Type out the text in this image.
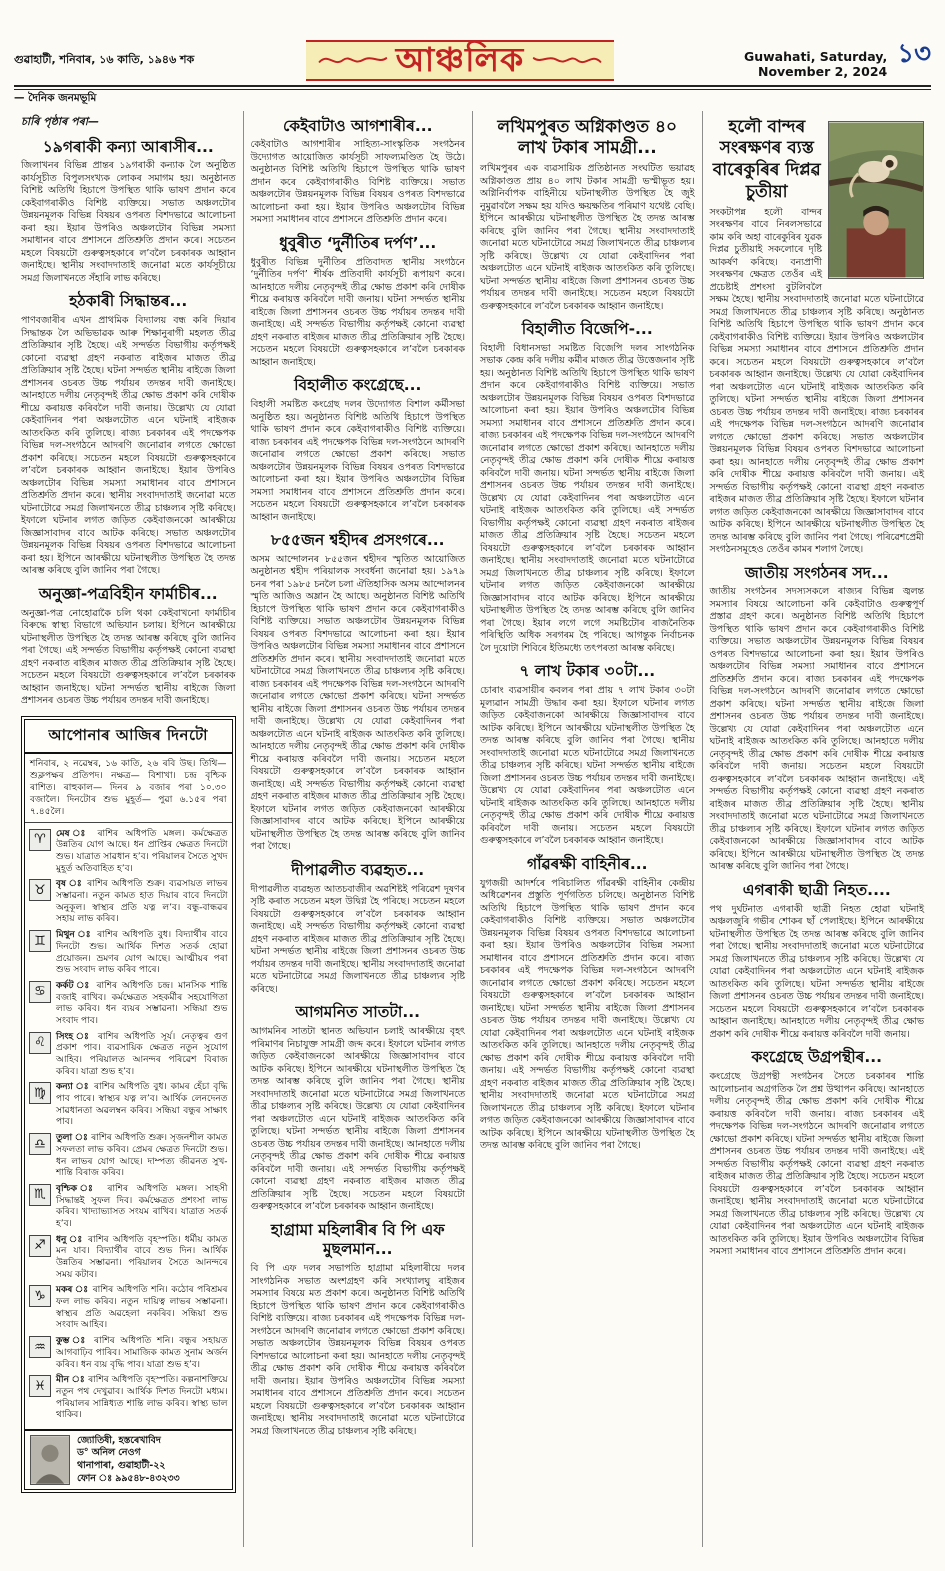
গুৱাহাটী, শনিবাৰ, ১৬ কাতি, ১৯৪৬ শক	আঞ্চলিক	Guwahati, Saturday, November 2, 2024
১৩
— দৈনিক জনমভূমি
চাৰি পৃষ্ঠাৰ পৰা—
১৯গৰাকী কন্যা আৰাসীৰ...

জিলাখনৰ বিভিন্ন প্ৰান্তৰ ১৯গৰাকী কন্যাক লৈ অনুষ্ঠিত কাৰ্যসূচীত বিপুলসংখ্যক লোকৰ সমাগম হয়। অনুষ্ঠানত বিশিষ্ট অতিথি হিচাপে উপস্থিত থাকি ভাষণ প্ৰদান কৰে কেইবাগৰাকীও বিশিষ্ট ব্যক্তিয়ে। সভাত অঞ্চলটোৰ উন্নয়নমূলক বিভিন্ন বিষয়ৰ ওপৰত বিশদভাৱে আলোচনা কৰা হয়। ইয়াৰ উপৰিও অঞ্চলটোৰ বিভিন্ন সমস্যা সমাধানৰ বাবে প্ৰশাসনে প্ৰতিশ্ৰুতি প্ৰদান কৰে। সচেতন মহলে বিষয়টো গুৰুত্বসহকাৰে ল’বলৈ চৰকাৰক আহ্বান জনাইছে। স্থানীয় সংবাদদাতাই জনোৱা মতে কাৰ্যসূচীয়ে সমগ্ৰ জিলাখনতে সঁহাৰি লাভ কৰিছে।

হঠকাৰী সিদ্ধান্তৰ...

পাণবজাৰীৰ এখন প্ৰাথমিক বিদ্যালয় বন্ধ কৰি দিয়াৰ সিদ্ধান্তক লৈ অভিভাৱক আৰু শিক্ষানুৰাগী মহলত তীব্ৰ প্ৰতিক্ৰিয়াৰ সৃষ্টি হৈছে। এই সন্দৰ্ভত বিভাগীয় কৰ্তৃপক্ষই কোনো ব্যৱস্থা গ্ৰহণ নকৰাত ৰাইজৰ মাজত তীব্ৰ প্ৰতিক্ৰিয়াৰ সৃষ্টি হৈছে। ঘটনা সন্দৰ্ভত স্থানীয় ৰাইজে জিলা প্ৰশাসনৰ ওচৰত উচ্চ পৰ্যায়ৰ তদন্তৰ দাবী জনাইছে। আনহাতে দলীয় নেতৃবৃন্দই তীব্ৰ ক্ষোভ প্ৰকাশ কৰি দোষীক শীঘ্ৰে কৰায়ত্ত কৰিবলৈ দাবী জনায়। উল্লেখ্য যে যোৱা কেইবাদিনৰ পৰা অঞ্চলটোত এনে ঘটনাই ৰাইজক আতংকিত কৰি তুলিছে। ৰাজ্য চৰকাৰৰ এই পদক্ষেপক বিভিন্ন দল-সংগঠনে আদৰণি জনোৱাৰ লগতে ক্ষোভো প্ৰকাশ কৰিছে। সচেতন মহলে বিষয়টো গুৰুত্বসহকাৰে ল’বলৈ চৰকাৰক আহ্বান জনাইছে। ইয়াৰ উপৰিও অঞ্চলটোৰ বিভিন্ন সমস্যা সমাধানৰ বাবে প্ৰশাসনে প্ৰতিশ্ৰুতি প্ৰদান কৰে। স্থানীয় সংবাদদাতাই জনোৱা মতে ঘটনাটোৱে সমগ্ৰ জিলাখনতে তীব্ৰ চাঞ্চল্যৰ সৃষ্টি কৰিছে। ইফালে ঘটনাৰ লগত জড়িত কেইবাজনকো আৰক্ষীয়ে জিজ্ঞাসাবাদৰ বাবে আটক কৰিছে। সভাত অঞ্চলটোৰ উন্নয়নমূলক বিভিন্ন বিষয়ৰ ওপৰত বিশদভাৱে আলোচনা কৰা হয়। ইপিনে আৰক্ষীয়ে ঘটনাস্থলীত উপস্থিত হৈ তদন্ত আৰম্ভ কৰিছে বুলি জানিব পৰা গৈছে।

অনুজ্ঞা-পত্ৰবিহীন ফাৰ্মাচীৰ...

অনুজ্ঞা-পত্ৰ নোহোৱাকৈ চলি থকা কেইবাখনো ফাৰ্মাচীৰ বিৰুদ্ধে স্বাস্থ্য বিভাগে অভিযান চলায়। ইপিনে আৰক্ষীয়ে ঘটনাস্থলীত উপস্থিত হৈ তদন্ত আৰম্ভ কৰিছে বুলি জানিব পৰা গৈছে। এই সন্দৰ্ভত বিভাগীয় কৰ্তৃপক্ষই কোনো ব্যৱস্থা গ্ৰহণ নকৰাত ৰাইজৰ মাজত তীব্ৰ প্ৰতিক্ৰিয়াৰ সৃষ্টি হৈছে। সচেতন মহলে বিষয়টো গুৰুত্বসহকাৰে ল’বলৈ চৰকাৰক আহ্বান জনাইছে। ঘটনা সন্দৰ্ভত স্থানীয় ৰাইজে জিলা প্ৰশাসনৰ ওচৰত উচ্চ পৰ্যায়ৰ তদন্তৰ দাবী জনাইছে।

আপোনাৰ আজিৰ দিনটো
শনিবাৰ, ২ নৱেম্বৰ, ১৬ কাতি, ২৬ ৰবি উছ। তিথি— শুক্লপক্ষৰ প্ৰতিপদ। নক্ষত্ৰ— বিশাখা। চন্দ্ৰ বৃশ্চিক ৰাশিত। ৰাহুকাল— দিনৰ ৯ বজাৰ পৰা ১০.৩০ বজালৈ। দিনটোৰ শুভ মুহূৰ্ত— পুৱা ৬.১৫ৰ পৰা ৭.৪৫লৈ।
♈	মেষ ঃ	ৰাশিৰ অধিপতি মঙ্গল। কৰ্মক্ষেত্ৰত উন্নতিৰ যোগ আছে। ধন প্ৰাপ্তিৰ ক্ষেত্ৰত দিনটো শুভ। যাত্ৰাত সাৱধান হ’ব। পৰিয়ালৰ সৈতে সুখদ মুহূৰ্ত অতিবাহিত হ’ব।
♉	বৃষ ঃ ৰাশিৰ অধিপতি শুক্ৰ। ব্যৱসায়ত লাভৰ সম্ভাৱনা। নতুন কামত হাত দিয়াৰ বাবে দিনটো অনুকূল। স্বাস্থ্যৰ প্ৰতি যত্ন ল’ব। বন্ধু-বান্ধৱৰ সহায় লাভ কৰিব।
♊	মিথুন ঃ ৰাশিৰ অধিপতি বুধ। বিদ্যাৰ্থীৰ বাবে দিনটো শুভ। আৰ্থিক দিশত সতৰ্ক হোৱা প্ৰয়োজন। ভ্ৰমণৰ যোগ আছে। আত্মীয়ৰ পৰা শুভ সংবাদ লাভ কৰিব পাৰে।
♋	কৰ্কট ঃ	ৰাশিৰ অধিপতি চন্দ্ৰ। মানসিক শান্তি বজাই ৰাখিব। কৰ্মক্ষেত্ৰত সহকৰ্মীৰ সহযোগিতা লাভ কৰিব। ধন ব্যয়ৰ সম্ভাৱনা। সন্ধিয়া শুভ সংবাদ পাব।
♌	সিংহ ঃ	ৰাশিৰ অধিপতি সূৰ্য। নেতৃত্বৰ গুণ প্ৰকাশ পাব। ব্যৱসায়িক ক্ষেত্ৰত নতুন সুযোগ আহিব। পৰিয়ালত আনন্দৰ পৰিৱেশ বিৰাজ কৰিব। যাত্ৰা শুভ হ’ব।
♍	কন্যা ঃ ৰাশিৰ অধিপতি বুধ। কামৰ হেঁচা বৃদ্ধি পাব পাৰে। স্বাস্থ্যৰ যত্ন ল’ব। আৰ্থিক লেনদেনত সাৱধানতা অৱলম্বন কৰিব। সন্ধিয়া বন্ধুৰ সাক্ষাৎ পাব।
♎	তুলা ঃ ৰাশিৰ অধিপতি শুক্ৰ। সৃজনশীল কামত সফলতা লাভ কৰিব। প্ৰেমৰ ক্ষেত্ৰত দিনটো শুভ। ধন লাভৰ যোগ আছে। দাম্পত্য জীৱনত সুখ-শান্তি বিৰাজ কৰিব।
♏	বৃশ্চিক ঃ	ৰাশিৰ অধিপতি মঙ্গল। সাহসী সিদ্ধান্তই সুফল দিব। কৰ্মক্ষেত্ৰত প্ৰশংসা লাভ কৰিব। খাদ্যাভ্যাসত সংযম ৰাখিব। যাত্ৰাত সতৰ্ক হ’ব।
♐	ধনু ঃ ৰাশিৰ অধিপতি বৃহস্পতি। ধৰ্মীয় কামত মন যাব। বিদ্যাৰ্থীৰ বাবে শুভ দিন। আৰ্থিক উন্নতিৰ সম্ভাৱনা। পৰিয়ালৰ সৈতে আনন্দৰে সময় কটাব।
♑	মকৰ ঃ ৰাশিৰ অধিপতি শনি। কঠোৰ পৰিশ্ৰমৰ ফল লাভ কৰিব। নতুন দায়িত্ব লাভৰ সম্ভাৱনা। স্বাস্থ্যৰ প্ৰতি অৱহেলা নকৰিব। সন্ধিয়া শুভ সংবাদ আহিব।
♒	কুম্ভ ঃ	ৰাশিৰ অধিপতি শনি। বন্ধুৰ সহায়ত আগবাঢ়িব পাৰিব। সামাজিক কামত সুনাম অৰ্জন কৰিব। ধন ব্যয় বৃদ্ধি পাব। যাত্ৰা শুভ হ’ব।
♓	মীন ঃ ৰাশিৰ অধিপতি বৃহস্পতি। কল্পনাশক্তিয়ে নতুন পথ দেখুৱাব। আৰ্থিক দিশত দিনটো মধ্যম। পৰিয়ালৰ সান্নিধ্যত শান্তি লাভ কৰিব। স্বাস্থ্য ভাল থাকিব।
জ্যোতিষী, হস্তৰেখাবিদ
ড° অনিল নেওগ
থানাপাৰা, গুৱাহাটী-২২
ফোন ঃ ৯৯৫৪৮-৪৩২৩৩
কেইবাটাও আগশাৰীৰ...

কেইবাটাও আগশাৰীৰ সাহিত্য-সাংস্কৃতিক সংগঠনৰ উদ্যোগত আয়োজিত কাৰ্যসূচী সাফল্যমণ্ডিত হৈ উঠে। অনুষ্ঠানত বিশিষ্ট অতিথি হিচাপে উপস্থিত থাকি ভাষণ প্ৰদান কৰে কেইবাগৰাকীও বিশিষ্ট ব্যক্তিয়ে। সভাত অঞ্চলটোৰ উন্নয়নমূলক বিভিন্ন বিষয়ৰ ওপৰত বিশদভাৱে আলোচনা কৰা হয়। ইয়াৰ উপৰিও অঞ্চলটোৰ বিভিন্ন সমস্যা সমাধানৰ বাবে প্ৰশাসনে প্ৰতিশ্ৰুতি প্ৰদান কৰে।

ধুবুৰীত ‘দুৰ্নীতিৰ দৰ্পণ’...

ধুবুৰীত বিভিন্ন দুৰ্নীতিৰ প্ৰতিবাদত স্থানীয় সংগঠনে ‘দুৰ্নীতিৰ দৰ্পণ’ শীৰ্ষক প্ৰতিবাদী কাৰ্যসূচী ৰূপায়ণ কৰে। আনহাতে দলীয় নেতৃবৃন্দই তীব্ৰ ক্ষোভ প্ৰকাশ কৰি দোষীক শীঘ্ৰে কৰায়ত্ত কৰিবলৈ দাবী জনায়। ঘটনা সন্দৰ্ভত স্থানীয় ৰাইজে জিলা প্ৰশাসনৰ ওচৰত উচ্চ পৰ্যায়ৰ তদন্তৰ দাবী জনাইছে। এই সন্দৰ্ভত বিভাগীয় কৰ্তৃপক্ষই কোনো ব্যৱস্থা গ্ৰহণ নকৰাত ৰাইজৰ মাজত তীব্ৰ প্ৰতিক্ৰিয়াৰ সৃষ্টি হৈছে। সচেতন মহলে বিষয়টো গুৰুত্বসহকাৰে ল’বলৈ চৰকাৰক আহ্বান জনাইছে।

বিহালীত কংগ্ৰেছে...

বিহালী সমষ্টিত কংগ্ৰেছ দলৰ উদ্যোগত বিশাল কৰ্মীসভা অনুষ্ঠিত হয়। অনুষ্ঠানত বিশিষ্ট অতিথি হিচাপে উপস্থিত থাকি ভাষণ প্ৰদান কৰে কেইবাগৰাকীও বিশিষ্ট ব্যক্তিয়ে। ৰাজ্য চৰকাৰৰ এই পদক্ষেপক বিভিন্ন দল-সংগঠনে আদৰণি জনোৱাৰ লগতে ক্ষোভো প্ৰকাশ কৰিছে। সভাত অঞ্চলটোৰ উন্নয়নমূলক বিভিন্ন বিষয়ৰ ওপৰত বিশদভাৱে আলোচনা কৰা হয়। ইয়াৰ উপৰিও অঞ্চলটোৰ বিভিন্ন সমস্যা সমাধানৰ বাবে প্ৰশাসনে প্ৰতিশ্ৰুতি প্ৰদান কৰে। সচেতন মহলে বিষয়টো গুৰুত্বসহকাৰে ল’বলৈ চৰকাৰক আহ্বান জনাইছে।

৮৫৫জন শ্বহীদৰ প্ৰসংগৰে...

অসম আন্দোলনৰ ৮৫৫জন শ্বহীদৰ স্মৃতিত আয়োজিত অনুষ্ঠানত শ্বহীদ পৰিয়ালক সংবৰ্ধনা জনোৱা হয়। ১৯৭৯ চনৰ পৰা ১৯৮৫ চনলৈ চলা ঐতিহাসিক অসম আন্দোলনৰ স্মৃতি আজিও অম্লান হৈ আছে। অনুষ্ঠানত বিশিষ্ট অতিথি হিচাপে উপস্থিত থাকি ভাষণ প্ৰদান কৰে কেইবাগৰাকীও বিশিষ্ট ব্যক্তিয়ে। সভাত অঞ্চলটোৰ উন্নয়নমূলক বিভিন্ন বিষয়ৰ ওপৰত বিশদভাৱে আলোচনা কৰা হয়। ইয়াৰ উপৰিও অঞ্চলটোৰ বিভিন্ন সমস্যা সমাধানৰ বাবে প্ৰশাসনে প্ৰতিশ্ৰুতি প্ৰদান কৰে। স্থানীয় সংবাদদাতাই জনোৱা মতে ঘটনাটোৱে সমগ্ৰ জিলাখনতে তীব্ৰ চাঞ্চল্যৰ সৃষ্টি কৰিছে। ৰাজ্য চৰকাৰৰ এই পদক্ষেপক বিভিন্ন দল-সংগঠনে আদৰণি জনোৱাৰ লগতে ক্ষোভো প্ৰকাশ কৰিছে। ঘটনা সন্দৰ্ভত স্থানীয় ৰাইজে জিলা প্ৰশাসনৰ ওচৰত উচ্চ পৰ্যায়ৰ তদন্তৰ দাবী জনাইছে। উল্লেখ্য যে যোৱা কেইবাদিনৰ পৰা অঞ্চলটোত এনে ঘটনাই ৰাইজক আতংকিত কৰি তুলিছে। আনহাতে দলীয় নেতৃবৃন্দই তীব্ৰ ক্ষোভ প্ৰকাশ কৰি দোষীক শীঘ্ৰে কৰায়ত্ত কৰিবলৈ দাবী জনায়। সচেতন মহলে বিষয়টো গুৰুত্বসহকাৰে ল’বলৈ চৰকাৰক আহ্বান জনাইছে। এই সন্দৰ্ভত বিভাগীয় কৰ্তৃপক্ষই কোনো ব্যৱস্থা গ্ৰহণ নকৰাত ৰাইজৰ মাজত তীব্ৰ প্ৰতিক্ৰিয়াৰ সৃষ্টি হৈছে। ইফালে ঘটনাৰ লগত জড়িত কেইবাজনকো আৰক্ষীয়ে জিজ্ঞাসাবাদৰ বাবে আটক কৰিছে। ইপিনে আৰক্ষীয়ে ঘটনাস্থলীত উপস্থিত হৈ তদন্ত আৰম্ভ কৰিছে বুলি জানিব পৰা গৈছে।

দীপাৱলীত ব্যৱহৃত...

দীপাৱলীত ব্যৱহৃত আতচবাজীৰ অৱশিষ্টই পৰিৱেশ দূষণৰ সৃষ্টি কৰাত সচেতন মহল উদ্বিগ্ন হৈ পৰিছে। সচেতন মহলে বিষয়টো গুৰুত্বসহকাৰে ল’বলৈ চৰকাৰক আহ্বান জনাইছে। এই সন্দৰ্ভত বিভাগীয় কৰ্তৃপক্ষই কোনো ব্যৱস্থা গ্ৰহণ নকৰাত ৰাইজৰ মাজত তীব্ৰ প্ৰতিক্ৰিয়াৰ সৃষ্টি হৈছে। ঘটনা সন্দৰ্ভত স্থানীয় ৰাইজে জিলা প্ৰশাসনৰ ওচৰত উচ্চ পৰ্যায়ৰ তদন্তৰ দাবী জনাইছে। স্থানীয় সংবাদদাতাই জনোৱা মতে ঘটনাটোৱে সমগ্ৰ জিলাখনতে তীব্ৰ চাঞ্চল্যৰ সৃষ্টি কৰিছে।

আগমনিত সাতটা...

আগমনিৰ সাতটা স্থানত অভিযান চলাই আৰক্ষীয়ে বৃহৎ পৰিমাণৰ নিচাযুক্ত সামগ্ৰী জব্দ কৰে। ইফালে ঘটনাৰ লগত জড়িত কেইবাজনকো আৰক্ষীয়ে জিজ্ঞাসাবাদৰ বাবে আটক কৰিছে। ইপিনে আৰক্ষীয়ে ঘটনাস্থলীত উপস্থিত হৈ তদন্ত আৰম্ভ কৰিছে বুলি জানিব পৰা গৈছে। স্থানীয় সংবাদদাতাই জনোৱা মতে ঘটনাটোৱে সমগ্ৰ জিলাখনতে তীব্ৰ চাঞ্চল্যৰ সৃষ্টি কৰিছে। উল্লেখ্য যে যোৱা কেইবাদিনৰ পৰা অঞ্চলটোত এনে ঘটনাই ৰাইজক আতংকিত কৰি তুলিছে। ঘটনা সন্দৰ্ভত স্থানীয় ৰাইজে জিলা প্ৰশাসনৰ ওচৰত উচ্চ পৰ্যায়ৰ তদন্তৰ দাবী জনাইছে। আনহাতে দলীয় নেতৃবৃন্দই তীব্ৰ ক্ষোভ প্ৰকাশ কৰি দোষীক শীঘ্ৰে কৰায়ত্ত কৰিবলৈ দাবী জনায়। এই সন্দৰ্ভত বিভাগীয় কৰ্তৃপক্ষই কোনো ব্যৱস্থা গ্ৰহণ নকৰাত ৰাইজৰ মাজত তীব্ৰ প্ৰতিক্ৰিয়াৰ সৃষ্টি হৈছে। সচেতন মহলে বিষয়টো গুৰুত্বসহকাৰে ল’বলৈ চৰকাৰক আহ্বান জনাইছে।

হাগ্ৰামা মহিলাৰীৰ বি পি এফ মুছলমান...

বি পি এফ দলৰ সভাপতি হাগ্ৰামা মহিলাৰীয়ে দলৰ সাংগঠনিক সভাত অংশগ্ৰহণ কৰি সংখ্যালঘু ৰাইজৰ সমস্যাৰ বিষয়ে মত প্ৰকাশ কৰে। অনুষ্ঠানত বিশিষ্ট অতিথি হিচাপে উপস্থিত থাকি ভাষণ প্ৰদান কৰে কেইবাগৰাকীও বিশিষ্ট ব্যক্তিয়ে। ৰাজ্য চৰকাৰৰ এই পদক্ষেপক বিভিন্ন দল-সংগঠনে আদৰণি জনোৱাৰ লগতে ক্ষোভো প্ৰকাশ কৰিছে। সভাত অঞ্চলটোৰ উন্নয়নমূলক বিভিন্ন বিষয়ৰ ওপৰত বিশদভাৱে আলোচনা কৰা হয়। আনহাতে দলীয় নেতৃবৃন্দই তীব্ৰ ক্ষোভ প্ৰকাশ কৰি দোষীক শীঘ্ৰে কৰায়ত্ত কৰিবলৈ দাবী জনায়। ইয়াৰ উপৰিও অঞ্চলটোৰ বিভিন্ন সমস্যা সমাধানৰ বাবে প্ৰশাসনে প্ৰতিশ্ৰুতি প্ৰদান কৰে। সচেতন মহলে বিষয়টো গুৰুত্বসহকাৰে ল’বলৈ চৰকাৰক আহ্বান জনাইছে। স্থানীয় সংবাদদাতাই জনোৱা মতে ঘটনাটোৱে সমগ্ৰ জিলাখনতে তীব্ৰ চাঞ্চল্যৰ সৃষ্টি কৰিছে।

লখিমপুৰত অগ্নিকাণ্ডত ৪০ লাখ টকাৰ সামগ্ৰী...

লখিমপুৰৰ এক ব্যৱসায়িক প্ৰতিষ্ঠানত সংঘটিত ভয়াৱহ অগ্নিকাণ্ডত প্ৰায় ৪০ লাখ টকাৰ সামগ্ৰী ভস্মীভূত হয়। অগ্নিনিৰ্বাপক বাহিনীয়ে ঘটনাস্থলীত উপস্থিত হৈ জুই নুমুৱাবলৈ সক্ষম হয় যদিও ক্ষয়ক্ষতিৰ পৰিমাণ যথেষ্ট বেছি। ইপিনে আৰক্ষীয়ে ঘটনাস্থলীত উপস্থিত হৈ তদন্ত আৰম্ভ কৰিছে বুলি জানিব পৰা গৈছে। স্থানীয় সংবাদদাতাই জনোৱা মতে ঘটনাটোৱে সমগ্ৰ জিলাখনতে তীব্ৰ চাঞ্চল্যৰ সৃষ্টি কৰিছে। উল্লেখ্য যে যোৱা কেইবাদিনৰ পৰা অঞ্চলটোত এনে ঘটনাই ৰাইজক আতংকিত কৰি তুলিছে। ঘটনা সন্দৰ্ভত স্থানীয় ৰাইজে জিলা প্ৰশাসনৰ ওচৰত উচ্চ পৰ্যায়ৰ তদন্তৰ দাবী জনাইছে। সচেতন মহলে বিষয়টো গুৰুত্বসহকাৰে ল’বলৈ চৰকাৰক আহ্বান জনাইছে।

বিহালীত বিজেপি-...

বিহালী বিধানসভা সমষ্টিত বিজেপি দলৰ সাংগঠনিক সভাক কেন্দ্ৰ কৰি দলীয় কৰ্মীৰ মাজত তীব্ৰ উত্তেজনাৰ সৃষ্টি হয়। অনুষ্ঠানত বিশিষ্ট অতিথি হিচাপে উপস্থিত থাকি ভাষণ প্ৰদান কৰে কেইবাগৰাকীও বিশিষ্ট ব্যক্তিয়ে। সভাত অঞ্চলটোৰ উন্নয়নমূলক বিভিন্ন বিষয়ৰ ওপৰত বিশদভাৱে আলোচনা কৰা হয়। ইয়াৰ উপৰিও অঞ্চলটোৰ বিভিন্ন সমস্যা সমাধানৰ বাবে প্ৰশাসনে প্ৰতিশ্ৰুতি প্ৰদান কৰে। ৰাজ্য চৰকাৰৰ এই পদক্ষেপক বিভিন্ন দল-সংগঠনে আদৰণি জনোৱাৰ লগতে ক্ষোভো প্ৰকাশ কৰিছে। আনহাতে দলীয় নেতৃবৃন্দই তীব্ৰ ক্ষোভ প্ৰকাশ কৰি দোষীক শীঘ্ৰে কৰায়ত্ত কৰিবলৈ দাবী জনায়। ঘটনা সন্দৰ্ভত স্থানীয় ৰাইজে জিলা প্ৰশাসনৰ ওচৰত উচ্চ পৰ্যায়ৰ তদন্তৰ দাবী জনাইছে। উল্লেখ্য যে যোৱা কেইবাদিনৰ পৰা অঞ্চলটোত এনে ঘটনাই ৰাইজক আতংকিত কৰি তুলিছে। এই সন্দৰ্ভত বিভাগীয় কৰ্তৃপক্ষই কোনো ব্যৱস্থা গ্ৰহণ নকৰাত ৰাইজৰ মাজত তীব্ৰ প্ৰতিক্ৰিয়াৰ সৃষ্টি হৈছে। সচেতন মহলে বিষয়টো গুৰুত্বসহকাৰে ল’বলৈ চৰকাৰক আহ্বান জনাইছে। স্থানীয় সংবাদদাতাই জনোৱা মতে ঘটনাটোৱে সমগ্ৰ জিলাখনতে তীব্ৰ চাঞ্চল্যৰ সৃষ্টি কৰিছে। ইফালে ঘটনাৰ লগত জড়িত কেইবাজনকো আৰক্ষীয়ে জিজ্ঞাসাবাদৰ বাবে আটক কৰিছে। ইপিনে আৰক্ষীয়ে ঘটনাস্থলীত উপস্থিত হৈ তদন্ত আৰম্ভ কৰিছে বুলি জানিব পৰা গৈছে। ইয়াৰ লগে লগে সমষ্টিটোৰ ৰাজনৈতিক পৰিস্থিতি অধিক সৰগৰম হৈ পৰিছে। আগন্তুক নিৰ্বাচনক লৈ দুয়োটা শিবিৰে ইতিমধ্যে তৎপৰতা আৰম্ভ কৰিছে।

৭ লাখ টকাৰ ৩০টা...

চোৰাং ব্যৱসায়ীৰ কবলৰ পৰা প্ৰায় ৭ লাখ টকাৰ ৩০টা মূল্যৱান সামগ্ৰী উদ্ধাৰ কৰা হয়। ইফালে ঘটনাৰ লগত জড়িত কেইবাজনকো আৰক্ষীয়ে জিজ্ঞাসাবাদৰ বাবে আটক কৰিছে। ইপিনে আৰক্ষীয়ে ঘটনাস্থলীত উপস্থিত হৈ তদন্ত আৰম্ভ কৰিছে বুলি জানিব পৰা গৈছে। স্থানীয় সংবাদদাতাই জনোৱা মতে ঘটনাটোৱে সমগ্ৰ জিলাখনতে তীব্ৰ চাঞ্চল্যৰ সৃষ্টি কৰিছে। ঘটনা সন্দৰ্ভত স্থানীয় ৰাইজে জিলা প্ৰশাসনৰ ওচৰত উচ্চ পৰ্যায়ৰ তদন্তৰ দাবী জনাইছে। উল্লেখ্য যে যোৱা কেইবাদিনৰ পৰা অঞ্চলটোত এনে ঘটনাই ৰাইজক আতংকিত কৰি তুলিছে। আনহাতে দলীয় নেতৃবৃন্দই তীব্ৰ ক্ষোভ প্ৰকাশ কৰি দোষীক শীঘ্ৰে কৰায়ত্ত কৰিবলৈ দাবী জনায়। সচেতন মহলে বিষয়টো গুৰুত্বসহকাৰে ল’বলৈ চৰকাৰক আহ্বান জনাইছে।

গাঁৱৰক্ষী বাহিনীৰ...

যুগজয়ী আদৰ্শৰে পৰিচালিত গাঁৱৰক্ষী বাহিনীৰ কেন্দ্ৰীয় অধিৱেশনৰ প্ৰস্তুতি পূৰ্ণগতিত চলিছে। অনুষ্ঠানত বিশিষ্ট অতিথি হিচাপে উপস্থিত থাকি ভাষণ প্ৰদান কৰে কেইবাগৰাকীও বিশিষ্ট ব্যক্তিয়ে। সভাত অঞ্চলটোৰ উন্নয়নমূলক বিভিন্ন বিষয়ৰ ওপৰত বিশদভাৱে আলোচনা কৰা হয়। ইয়াৰ উপৰিও অঞ্চলটোৰ বিভিন্ন সমস্যা সমাধানৰ বাবে প্ৰশাসনে প্ৰতিশ্ৰুতি প্ৰদান কৰে। ৰাজ্য চৰকাৰৰ এই পদক্ষেপক বিভিন্ন দল-সংগঠনে আদৰণি জনোৱাৰ লগতে ক্ষোভো প্ৰকাশ কৰিছে। সচেতন মহলে বিষয়টো গুৰুত্বসহকাৰে ল’বলৈ চৰকাৰক আহ্বান জনাইছে। ঘটনা সন্দৰ্ভত স্থানীয় ৰাইজে জিলা প্ৰশাসনৰ ওচৰত উচ্চ পৰ্যায়ৰ তদন্তৰ দাবী জনাইছে। উল্লেখ্য যে যোৱা কেইবাদিনৰ পৰা অঞ্চলটোত এনে ঘটনাই ৰাইজক আতংকিত কৰি তুলিছে। আনহাতে দলীয় নেতৃবৃন্দই তীব্ৰ ক্ষোভ প্ৰকাশ কৰি দোষীক শীঘ্ৰে কৰায়ত্ত কৰিবলৈ দাবী জনায়। এই সন্দৰ্ভত বিভাগীয় কৰ্তৃপক্ষই কোনো ব্যৱস্থা গ্ৰহণ নকৰাত ৰাইজৰ মাজত তীব্ৰ প্ৰতিক্ৰিয়াৰ সৃষ্টি হৈছে। স্থানীয় সংবাদদাতাই জনোৱা মতে ঘটনাটোৱে সমগ্ৰ জিলাখনতে তীব্ৰ চাঞ্চল্যৰ সৃষ্টি কৰিছে। ইফালে ঘটনাৰ লগত জড়িত কেইবাজনকো আৰক্ষীয়ে জিজ্ঞাসাবাদৰ বাবে আটক কৰিছে। ইপিনে আৰক্ষীয়ে ঘটনাস্থলীত উপস্থিত হৈ তদন্ত আৰম্ভ কৰিছে বুলি জানিব পৰা গৈছে।

হলৌ বান্দৰ সংৰক্ষণৰ ব্যস্ত বাৰেকুৰিৰ দিপ্লৱ চুতীয়া

সংকটাপন্ন হলৌ বান্দৰ সংৰক্ষণৰ বাবে নিৰলসভাৱে কাম কৰি অহা বাৰেকুৰিৰ যুৱক দিপ্লৱ চুতীয়াই সকলোৰে দৃষ্টি আকৰ্ষণ কৰিছে। বন্যপ্ৰাণী সংৰক্ষণৰ ক্ষেত্ৰত তেওঁৰ এই প্ৰচেষ্টাই প্ৰশংসা বুটলিবলৈ সক্ষম হৈছে। স্থানীয় সংবাদদাতাই জনোৱা মতে ঘটনাটোৱে সমগ্ৰ জিলাখনতে তীব্ৰ চাঞ্চল্যৰ সৃষ্টি কৰিছে। অনুষ্ঠানত বিশিষ্ট অতিথি হিচাপে উপস্থিত থাকি ভাষণ প্ৰদান কৰে কেইবাগৰাকীও বিশিষ্ট ব্যক্তিয়ে। ইয়াৰ উপৰিও অঞ্চলটোৰ বিভিন্ন সমস্যা সমাধানৰ বাবে প্ৰশাসনে প্ৰতিশ্ৰুতি প্ৰদান কৰে। সচেতন মহলে বিষয়টো গুৰুত্বসহকাৰে ল’বলৈ চৰকাৰক আহ্বান জনাইছে। উল্লেখ্য যে যোৱা কেইবাদিনৰ পৰা অঞ্চলটোত এনে ঘটনাই ৰাইজক আতংকিত কৰি তুলিছে। ঘটনা সন্দৰ্ভত স্থানীয় ৰাইজে জিলা প্ৰশাসনৰ ওচৰত উচ্চ পৰ্যায়ৰ তদন্তৰ দাবী জনাইছে। ৰাজ্য চৰকাৰৰ এই পদক্ষেপক বিভিন্ন দল-সংগঠনে আদৰণি জনোৱাৰ লগতে ক্ষোভো প্ৰকাশ কৰিছে। সভাত অঞ্চলটোৰ উন্নয়নমূলক বিভিন্ন বিষয়ৰ ওপৰত বিশদভাৱে আলোচনা কৰা হয়। আনহাতে দলীয় নেতৃবৃন্দই তীব্ৰ ক্ষোভ প্ৰকাশ কৰি দোষীক শীঘ্ৰে কৰায়ত্ত কৰিবলৈ দাবী জনায়। এই সন্দৰ্ভত বিভাগীয় কৰ্তৃপক্ষই কোনো ব্যৱস্থা গ্ৰহণ নকৰাত ৰাইজৰ মাজত তীব্ৰ প্ৰতিক্ৰিয়াৰ সৃষ্টি হৈছে। ইফালে ঘটনাৰ লগত জড়িত কেইবাজনকো আৰক্ষীয়ে জিজ্ঞাসাবাদৰ বাবে আটক কৰিছে। ইপিনে আৰক্ষীয়ে ঘটনাস্থলীত উপস্থিত হৈ তদন্ত আৰম্ভ কৰিছে বুলি জানিব পৰা গৈছে। পৰিৱেশপ্ৰেমী সংগঠনসমূহেও তেওঁৰ কামৰ শলাগ লৈছে।

জাতীয় সংগঠনৰ সদ...

জাতীয় সংগঠনৰ সদস্যসকলে ৰাজ্যৰ বিভিন্ন জ্বলন্ত সমস্যাৰ বিষয়ে আলোচনা কৰি কেইবাটাও গুৰুত্বপূৰ্ণ প্ৰস্তাৱ গ্ৰহণ কৰে। অনুষ্ঠানত বিশিষ্ট অতিথি হিচাপে উপস্থিত থাকি ভাষণ প্ৰদান কৰে কেইবাগৰাকীও বিশিষ্ট ব্যক্তিয়ে। সভাত অঞ্চলটোৰ উন্নয়নমূলক বিভিন্ন বিষয়ৰ ওপৰত বিশদভাৱে আলোচনা কৰা হয়। ইয়াৰ উপৰিও অঞ্চলটোৰ বিভিন্ন সমস্যা সমাধানৰ বাবে প্ৰশাসনে প্ৰতিশ্ৰুতি প্ৰদান কৰে। ৰাজ্য চৰকাৰৰ এই পদক্ষেপক বিভিন্ন দল-সংগঠনে আদৰণি জনোৱাৰ লগতে ক্ষোভো প্ৰকাশ কৰিছে। ঘটনা সন্দৰ্ভত স্থানীয় ৰাইজে জিলা প্ৰশাসনৰ ওচৰত উচ্চ পৰ্যায়ৰ তদন্তৰ দাবী জনাইছে। উল্লেখ্য যে যোৱা কেইবাদিনৰ পৰা অঞ্চলটোত এনে ঘটনাই ৰাইজক আতংকিত কৰি তুলিছে। আনহাতে দলীয় নেতৃবৃন্দই তীব্ৰ ক্ষোভ প্ৰকাশ কৰি দোষীক শীঘ্ৰে কৰায়ত্ত কৰিবলৈ দাবী জনায়। সচেতন মহলে বিষয়টো গুৰুত্বসহকাৰে ল’বলৈ চৰকাৰক আহ্বান জনাইছে। এই সন্দৰ্ভত বিভাগীয় কৰ্তৃপক্ষই কোনো ব্যৱস্থা গ্ৰহণ নকৰাত ৰাইজৰ মাজত তীব্ৰ প্ৰতিক্ৰিয়াৰ সৃষ্টি হৈছে। স্থানীয় সংবাদদাতাই জনোৱা মতে ঘটনাটোৱে সমগ্ৰ জিলাখনতে তীব্ৰ চাঞ্চল্যৰ সৃষ্টি কৰিছে। ইফালে ঘটনাৰ লগত জড়িত কেইবাজনকো আৰক্ষীয়ে জিজ্ঞাসাবাদৰ বাবে আটক কৰিছে। ইপিনে আৰক্ষীয়ে ঘটনাস্থলীত উপস্থিত হৈ তদন্ত আৰম্ভ কৰিছে বুলি জানিব পৰা গৈছে।

এগৰাকী ছাত্ৰী নিহত....

পথ দুৰ্ঘটনাত এগৰাকী ছাত্ৰী নিহত হোৱা ঘটনাই অঞ্চলজুৰি গভীৰ শোকৰ ছাঁ পেলাইছে। ইপিনে আৰক্ষীয়ে ঘটনাস্থলীত উপস্থিত হৈ তদন্ত আৰম্ভ কৰিছে বুলি জানিব পৰা গৈছে। স্থানীয় সংবাদদাতাই জনোৱা মতে ঘটনাটোৱে সমগ্ৰ জিলাখনতে তীব্ৰ চাঞ্চল্যৰ সৃষ্টি কৰিছে। উল্লেখ্য যে যোৱা কেইবাদিনৰ পৰা অঞ্চলটোত এনে ঘটনাই ৰাইজক আতংকিত কৰি তুলিছে। ঘটনা সন্দৰ্ভত স্থানীয় ৰাইজে জিলা প্ৰশাসনৰ ওচৰত উচ্চ পৰ্যায়ৰ তদন্তৰ দাবী জনাইছে। সচেতন মহলে বিষয়টো গুৰুত্বসহকাৰে ল’বলৈ চৰকাৰক আহ্বান জনাইছে। আনহাতে দলীয় নেতৃবৃন্দই তীব্ৰ ক্ষোভ প্ৰকাশ কৰি দোষীক শীঘ্ৰে কৰায়ত্ত কৰিবলৈ দাবী জনায়।

কংগ্ৰেছে উগ্ৰপন্থীৰ...

কংগ্ৰেছে উগ্ৰপন্থী সংগঠনৰ সৈতে চৰকাৰৰ শান্তি আলোচনাৰ অগ্ৰগতিক লৈ প্ৰশ্ন উত্থাপন কৰিছে। আনহাতে দলীয় নেতৃবৃন্দই তীব্ৰ ক্ষোভ প্ৰকাশ কৰি দোষীক শীঘ্ৰে কৰায়ত্ত কৰিবলৈ দাবী জনায়। ৰাজ্য চৰকাৰৰ এই পদক্ষেপক বিভিন্ন দল-সংগঠনে আদৰণি জনোৱাৰ লগতে ক্ষোভো প্ৰকাশ কৰিছে। ঘটনা সন্দৰ্ভত স্থানীয় ৰাইজে জিলা প্ৰশাসনৰ ওচৰত উচ্চ পৰ্যায়ৰ তদন্তৰ দাবী জনাইছে। এই সন্দৰ্ভত বিভাগীয় কৰ্তৃপক্ষই কোনো ব্যৱস্থা গ্ৰহণ নকৰাত ৰাইজৰ মাজত তীব্ৰ প্ৰতিক্ৰিয়াৰ সৃষ্টি হৈছে। সচেতন মহলে বিষয়টো গুৰুত্বসহকাৰে ল’বলৈ চৰকাৰক আহ্বান জনাইছে। স্থানীয় সংবাদদাতাই জনোৱা মতে ঘটনাটোৱে সমগ্ৰ জিলাখনতে তীব্ৰ চাঞ্চল্যৰ সৃষ্টি কৰিছে। উল্লেখ্য যে যোৱা কেইবাদিনৰ পৰা অঞ্চলটোত এনে ঘটনাই ৰাইজক আতংকিত কৰি তুলিছে। ইয়াৰ উপৰিও অঞ্চলটোৰ বিভিন্ন সমস্যা সমাধানৰ বাবে প্ৰশাসনে প্ৰতিশ্ৰুতি প্ৰদান কৰে।
